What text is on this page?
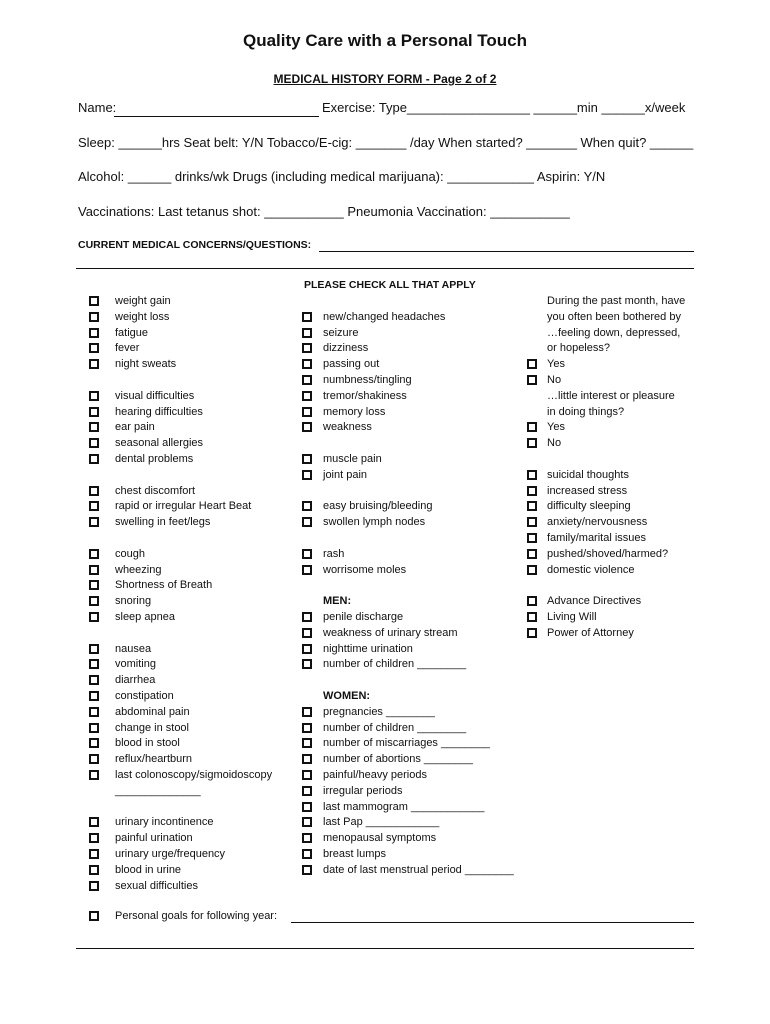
Quality Care with a Personal Touch
MEDICAL HISTORY FORM - Page 2 of 2
Name:	Exercise: Type_________________ ______min ______x/week
Sleep: ______hrs Seat belt: Y/N Tobacco/E-cig: _______ /day When started? _______ When quit? ______
Alcohol: ______ drinks/wk Drugs (including medical marijuana): ____________ Aspirin: Y/N
Vaccinations: Last tetanus shot: ___________ Pneumonia Vaccination: ___________
CURRENT MEDICAL CONCERNS/QUESTIONS:
PLEASE CHECK ALL THAT APPLY
weight gain
weight loss
fatigue
fever
night sweats
visual difficulties
hearing difficulties
ear pain
seasonal allergies
dental problems
chest discomfort
rapid or irregular Heart Beat
swelling in feet/legs
cough
wheezing
Shortness of Breath
snoring
sleep apnea
nausea
vomiting
diarrhea
constipation
abdominal pain
change in stool
blood in stool
reflux/heartburn
last colonoscopy/sigmoidoscopy
______________
urinary incontinence
painful urination
urinary urge/frequency
blood in urine
sexual difficulties
new/changed headaches
seizure
dizziness
passing out
numbness/tingling
tremor/shakiness
memory loss
weakness
muscle pain
joint pain
easy bruising/bleeding
swollen lymph nodes
rash
worrisome moles
MEN:
penile discharge
weakness of urinary stream
nighttime urination
number of children ________
WOMEN:
pregnancies ________
number of children ________
number of miscarriages ________
number of abortions ________
painful/heavy periods
irregular periods
last mammogram ____________
last Pap ____________
menopausal symptoms
breast lumps
date of last menstrual period ________
During the past month, have
you often been bothered by
…feeling down, depressed,
or hopeless?
Yes
No
…little interest or pleasure
in doing things?
Yes
No
suicidal thoughts
increased stress
difficulty sleeping
anxiety/nervousness
family/marital issues
pushed/shoved/harmed?
domestic violence
Advance Directives
Living Will
Power of Attorney
Personal goals for following year:
